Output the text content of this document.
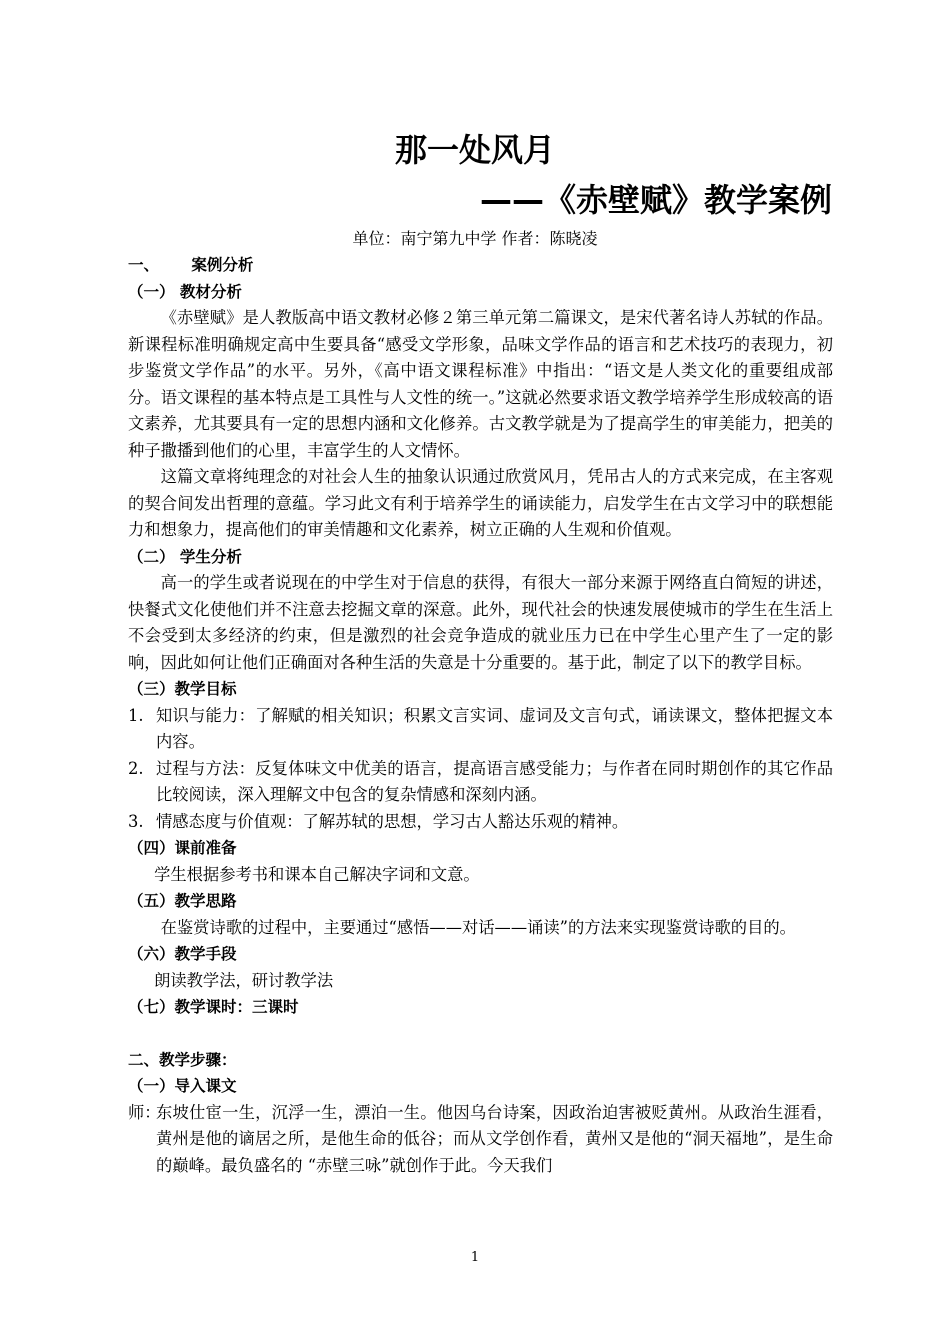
那一处风月
——《赤壁赋》教学案例
单位：南宁第九中学 作者：陈晓凌
一、      案例分析
（一） 教材分析

《赤壁赋》是人教版高中语文教材必修２第三单元第二篇课文，是宋代著名诗人苏轼的作品。新课程标准明确规定高中生要具备“感受文学形象，品味文学作品的语言和艺术技巧的表现力，初步鉴赏文学作品”的水平。另外，《高中语文课程标准》中指出：“语文是人类文化的重要组成部分。语文课程的基本特点是工具性与人文性的统一。”这就必然要求语文教学培养学生形成较高的语文素养，尤其要具有一定的思想内涵和文化修养。古文教学就是为了提高学生的审美能力，把美的种子撒播到他们的心里，丰富学生的人文情怀。

这篇文章将纯理念的对社会人生的抽象认识通过欣赏风月，凭吊古人的方式来完成，在主客观的契合间发出哲理的意蕴。学习此文有利于培养学生的诵读能力，启发学生在古文学习中的联想能力和想象力，提高他们的审美情趣和文化素养，树立正确的人生观和价值观。

（二） 学生分析

高一的学生或者说现在的中学生对于信息的获得，有很大一部分来源于网络直白简短的讲述，快餐式文化使他们并不注意去挖掘文章的深意。此外，现代社会的快速发展使城市的学生在生活上不会受到太多经济的约束，但是激烈的社会竞争造成的就业压力已在中学生心里产生了一定的影响，因此如何让他们正确面对各种生活的失意是十分重要的。基于此，制定了以下的教学目标。

（三）教学目标
1. 知识与能力：了解赋的相关知识；积累文言实词、虚词及文言句式，诵读课文，整体把握文本内容。
2. 过程与方法：反复体味文中优美的语言，提高语言感受能力；与作者在同时期创作的其它作品比较阅读，深入理解文中包含的复杂情感和深刻内涵。
3. 情感态度与价值观：了解苏轼的思想，学习古人豁达乐观的精神。
（四）课前准备

学生根据参考书和课本自己解决字词和文意。

（五）教学思路

在鉴赏诗歌的过程中，主要通过“感悟——对话——诵读”的方法来实现鉴赏诗歌的目的。

（六）教学手段

朗读教学法，研讨教学法

（七）教学课时：三课时
二、教学步骤：
（一）导入课文
师：
东坡仕宦一生，沉浮一生，漂泊一生。他因乌台诗案，因政治迫害被贬黄州。从政治生涯看，黄州是他的谪居之所，是他生命的低谷；而从文学创作看，黄州又是他的“洞天福地”，是生命的巅峰。最负盛名的 “赤壁三咏”就创作于此。今天我们
1
